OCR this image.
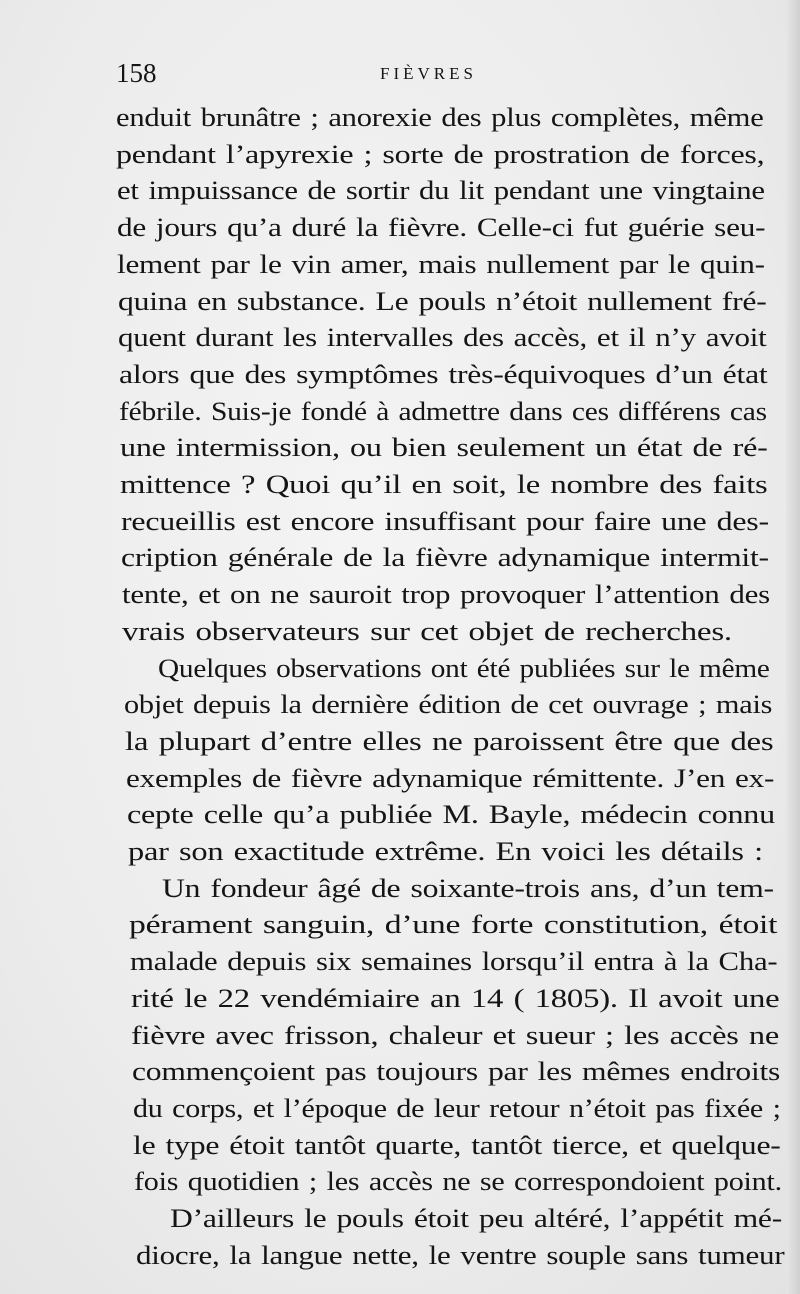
158	FIÈVRES
enduit brunâtre ; anorexie des plus complètes, même
pendant l’apyrexie ; sorte de prostration de forces,
et impuissance de sortir du lit pendant une vingtaine
de jours qu’a duré la fièvre. Celle-ci fut guérie seu-
lement par le vin amer, mais nullement par le quin-
quina en substance. Le pouls n’étoit nullement fré-
quent durant les intervalles des accès, et il n’y avoit
alors que des symptômes très-équivoques d’un état
fébrile. Suis-je fondé à admettre dans ces différens cas
une intermission, ou bien seulement un état de ré-
mittence ? Quoi qu’il en soit, le nombre des faits
recueillis est encore insuffisant pour faire une des-
cription générale de la fièvre adynamique intermit-
tente, et on ne sauroit trop provoquer l’attention des
vrais observateurs sur cet objet de recherches.
Quelques observations ont été publiées sur le même
objet depuis la dernière édition de cet ouvrage ; mais
la plupart d’entre elles ne paroissent être que des
exemples de fièvre adynamique rémittente. J’en ex-
cepte celle qu’a publiée M. Bayle, médecin connu
par son exactitude extrême. En voici les détails :
Un fondeur âgé de soixante-trois ans, d’un tem-
pérament sanguin, d’une forte constitution, étoit
malade depuis six semaines lorsqu’il entra à la Cha-
rité le 22 vendémiaire an 14 ( 1805). Il avoit une
fièvre avec frisson, chaleur et sueur ; les accès ne
commençoient pas toujours par les mêmes endroits
du corps, et l’époque de leur retour n’étoit pas fixée ;
le type étoit tantôt quarte, tantôt tierce, et quelque-
fois quotidien ; les accès ne se correspondoient point.
D’ailleurs le pouls étoit peu altéré, l’appétit mé-
diocre, la langue nette, le ventre souple sans tumeur
